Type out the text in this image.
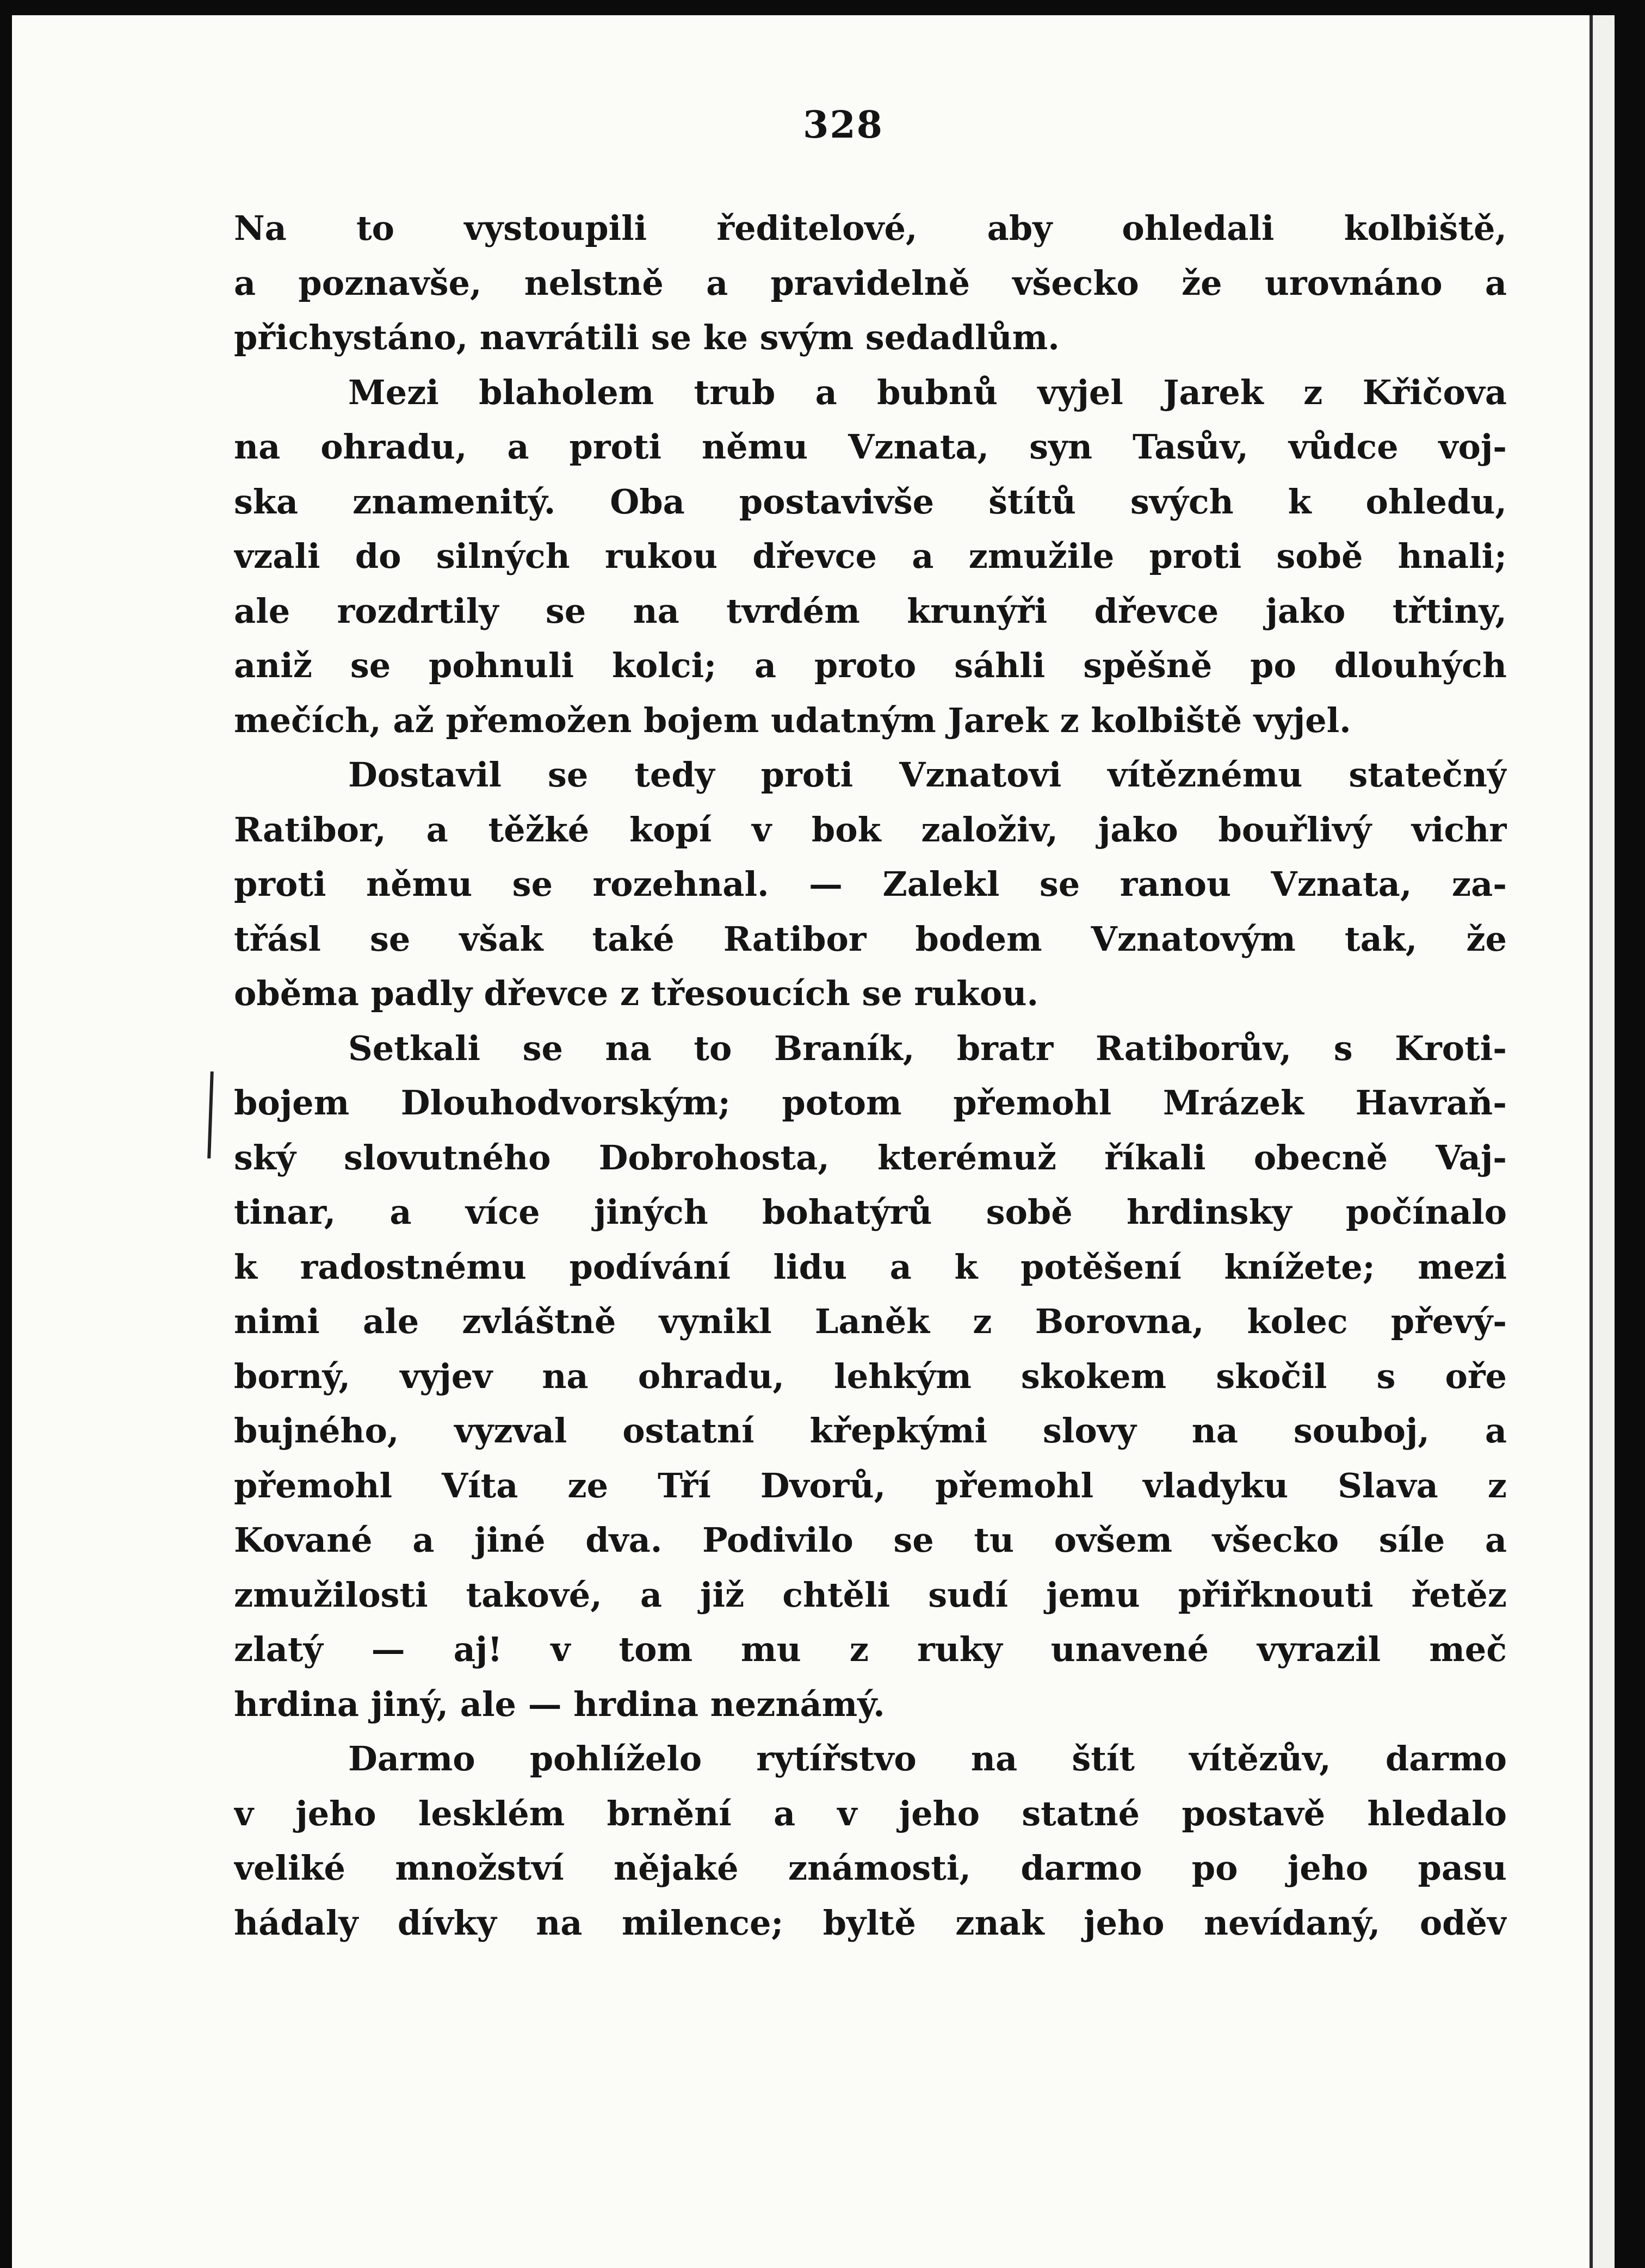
328
Na to vystoupili ředitelové, aby ohledali kolbiště,
a poznavše, nelstně a pravidelně všecko že urovnáno a
přichystáno, navrátili se ke svým sedadlům.
Mezi blaholem trub a bubnů vyjel Jarek z Křičova
na ohradu, a proti němu Vznata, syn Tasův, vůdce voj-
ska znamenitý. Oba postavivše štítů svých k ohledu,
vzali do silných rukou dřevce a zmužile proti sobě hnali;
ale rozdrtily se na tvrdém krunýři dřevce jako třtiny,
aniž se pohnuli kolci; a proto sáhli spěšně po dlouhých
mečích, až přemožen bojem udatným Jarek z kolbiště vyjel.
Dostavil se tedy proti Vznatovi vítěznému statečný
Ratibor, a těžké kopí v bok založiv, jako bouřlivý vichr
proti němu se rozehnal. — Zalekl se ranou Vznata, za-
třásl se však také Ratibor bodem Vznatovým tak, že
oběma padly dřevce z třesoucích se rukou.
Setkali se na to Braník, bratr Ratiborův, s Kroti-
bojem Dlouhodvorským; potom přemohl Mrázek Havraň-
ský slovutného Dobrohosta, kterémuž říkali obecně Vaj-
tinar, a více jiných bohatýrů sobě hrdinsky počínalo
k radostnému podívání lidu a k potěšení knížete; mezi
nimi ale zvláštně vynikl Laněk z Borovna, kolec převý-
borný, vyjev na ohradu, lehkým skokem skočil s oře
bujného, vyzval ostatní křepkými slovy na souboj, a
přemohl Víta ze Tří Dvorů, přemohl vladyku Slava z
Kované a jiné dva. Podivilo se tu ovšem všecko síle a
zmužilosti takové, a již chtěli sudí jemu přiřknouti řetěz
zlatý — aj! v tom mu z ruky unavené vyrazil meč
hrdina jiný, ale — hrdina neznámý.
Darmo pohlíželo rytířstvo na štít vítězův, darmo
v jeho lesklém brnění a v jeho statné postavě hledalo
veliké množství nějaké známosti, darmo po jeho pasu
hádaly dívky na milence; byltě znak jeho nevídaný, oděv
